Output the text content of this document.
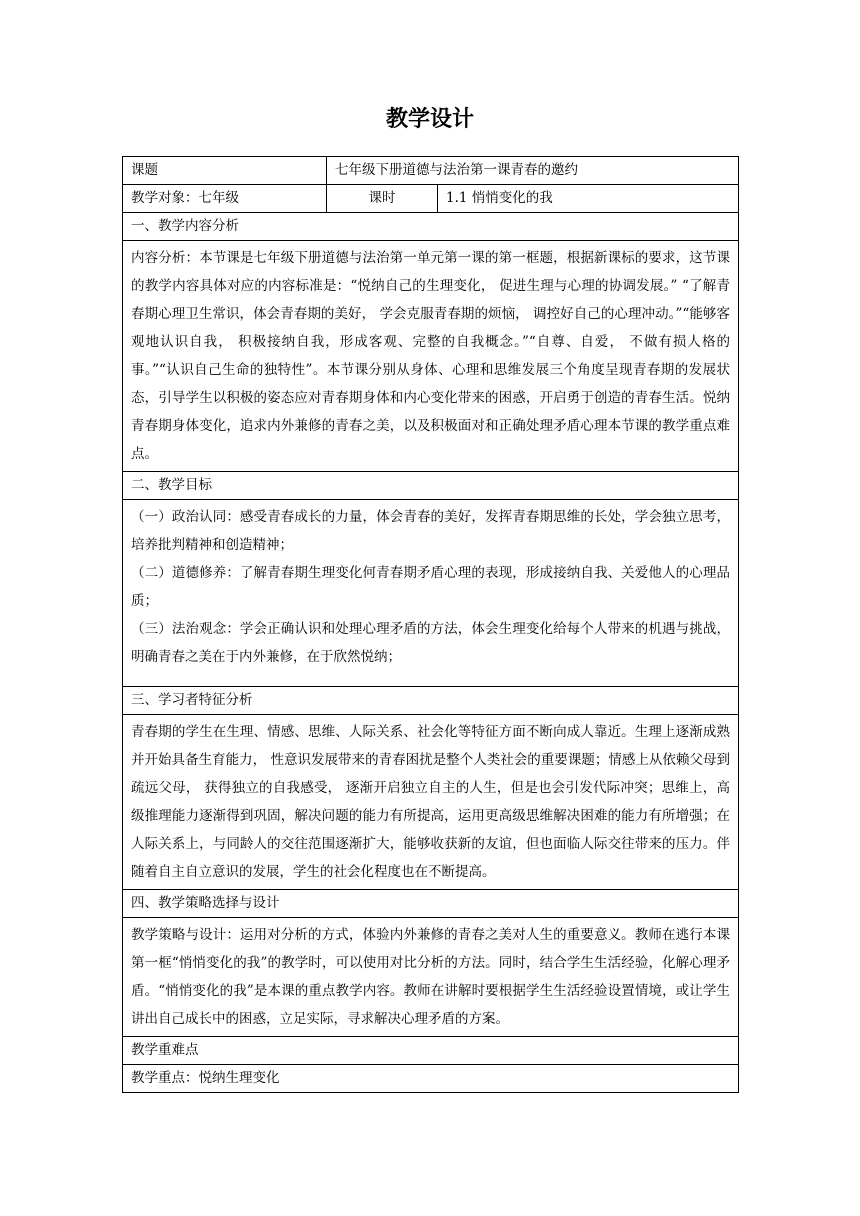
教学设计
课题	七年级下册道德与法治第一课青春的邀约	
教学对象：七年级	课时	1.1 悄悄变化的我
一、教学内容分析		

内容分析：本节课是七年级下册道德与法治第一单元第一课的第一框题，根据新课标的要求，这节课的教学内容具体对应的内容标准是：“悦纳自己的生理变化， 促进生理与心理的协调发展。” “了解青春期心理卫生常识，体会青春期的美好， 学会克服青春期的烦恼， 调控好自己的心理冲动。”“能够客观地认识自我， 积极接纳自我，形成客观、完整的自我概念。”“自尊、自爱， 不做有损人格的事。”“认识自己生命的独特性”。本节课分别从身体、心理和思维发展三个角度呈现青春期的发展状态，引导学生以积极的姿态应对青春期身体和内心变化带来的困惑，开启勇于创造的青春生活。悦纳青春期身体变化，追求内外兼修的青春之美，以及积极面对和正确处理矛盾心理本节课的教学重点难点。		

二、教学目标		

（一）政治认同：感受青春成长的力量，体会青春的美好，发挥青春期思维的长处，学会独立思考，培养批判精神和创造精神；

（二）道德修养：了解青春期生理变化何青春期矛盾心理的表现，形成接纳自我、关爱他人的心理品质；

（三）法治观念：学会正确认识和处理心理矛盾的方法，体会生理变化给每个人带来的机遇与挑战，明确青春之美在于内外兼修，在于欣然悦纳；		

三、学习者特征分析		

青春期的学生在生理、情感、思维、人际关系、社会化等特征方面不断向成人靠近。生理上逐渐成熟并开始具备生育能力， 性意识发展带来的青春困扰是整个人类社会的重要课题；情感上从依赖父母到疏远父母， 获得独立的自我感受， 逐渐开启独立自主的人生，但是也会引发代际冲突；思维上，高级推理能力逐渐得到巩固，解决问题的能力有所提高，运用更高级思维解决困难的能力有所增强；在人际关系上，与同龄人的交往范围逐渐扩大，能够收获新的友谊，但也面临人际交往带来的压力。伴随着自主自立意识的发展，学生的社会化程度也在不断提高。		

四、教学策略选择与设计		

教学策略与设计：运用对分析的方式，体验内外兼修的青春之美对人生的重要意义。教师在逃行本课第一框“悄悄变化的我”的教学时，可以使用对比分析的方法。同时，结合学生生活经验，化解心理矛盾。“悄悄变化的我”是本课的重点教学内容。教师在讲解时要根据学生生活经验设置情境，或让学生讲出自己成长中的困惑，立足实际，寻求解决心理矛盾的方案。		

教学重难点		
教学重点：悦纳生理变化		
